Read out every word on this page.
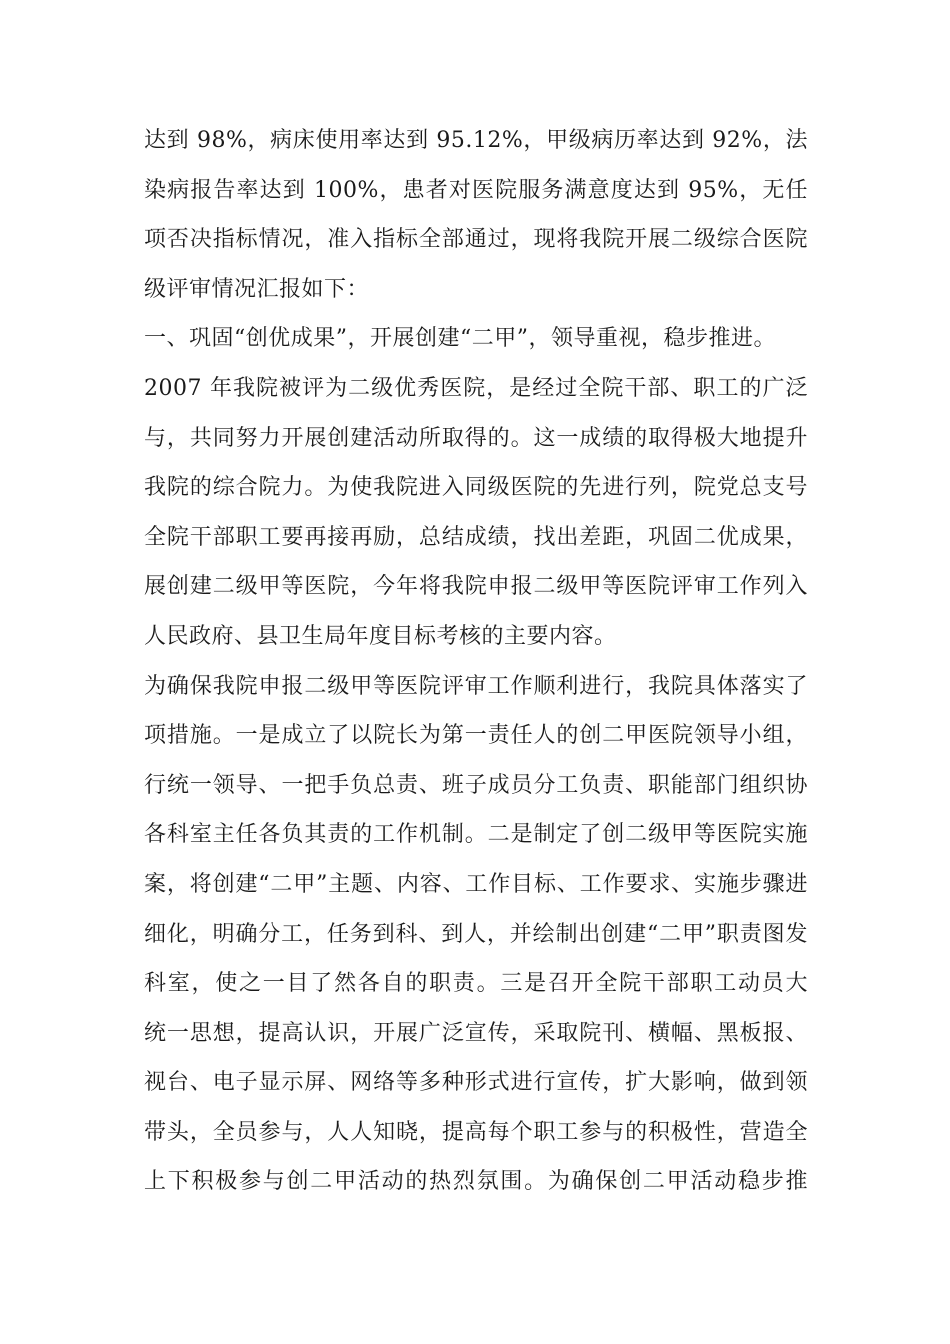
达到 98%，病床使用率达到 95.12%，甲级病历率达到 92%，法
染病报告率达到 100%，患者对医院服务满意度达到 95%，无任
项否决指标情况，准入指标全部通过，现将我院开展二级综合医院
级评审情况汇报如下：
一、巩固“创优成果”，开展创建“二甲”，领导重视，稳步推进。
2007 年我院被评为二级优秀医院，是经过全院干部、职工的广泛
与，共同努力开展创建活动所取得的。这一成绩的取得极大地提升
我院的综合院力。为使我院进入同级医院的先进行列，院党总支号
全院干部职工要再接再励，总结成绩，找出差距，巩固二优成果，
展创建二级甲等医院，今年将我院申报二级甲等医院评审工作列入
人民政府、县卫生局年度目标考核的主要内容。
为确保我院申报二级甲等医院评审工作顺利进行，我院具体落实了
项措施。一是成立了以院长为第一责任人的创二甲医院领导小组，
行统一领导、一把手负总责、班子成员分工负责、职能部门组织协
各科室主任各负其责的工作机制。二是制定了创二级甲等医院实施
案，将创建“二甲”主题、内容、工作目标、工作要求、实施步骤进
细化，明确分工，任务到科、到人，并绘制出创建“二甲”职责图发
科室，使之一目了然各自的职责。三是召开全院干部职工动员大
统一思想，提高认识，开展广泛宣传，采取院刊、横幅、黑板报、
视台、电子显示屏、网络等多种形式进行宣传，扩大影响，做到领
带头，全员参与，人人知晓，提高每个职工参与的积极性，营造全
上下积极参与创二甲活动的热烈氛围。为确保创二甲活动稳步推
